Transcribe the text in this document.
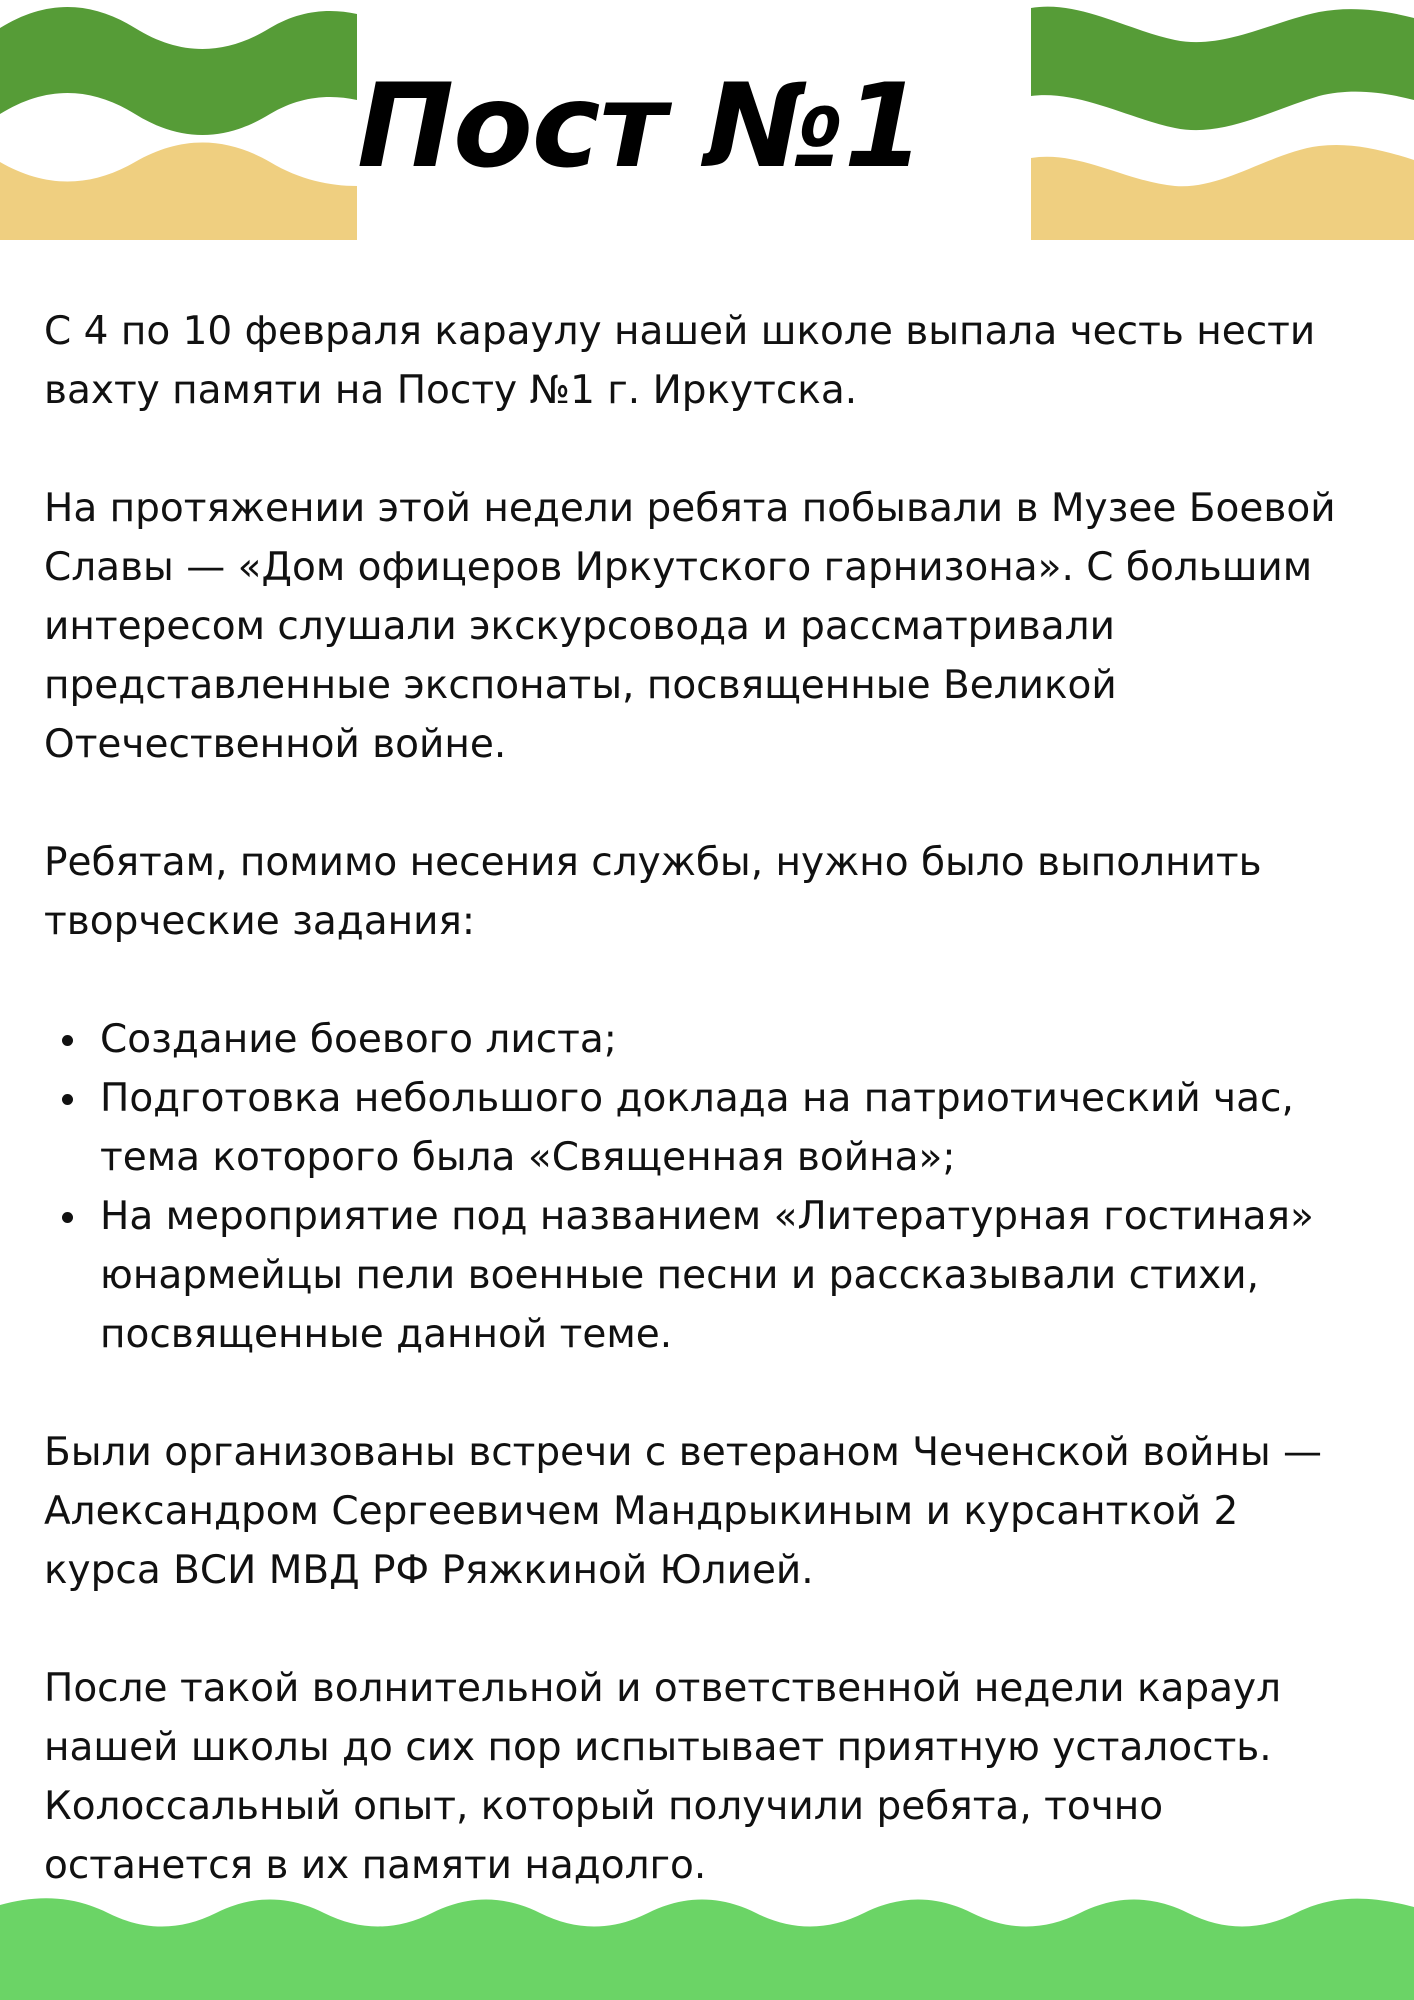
Пост №1

С 4 по 10 февраля караулу нашей школе выпала честь нести
вахту памяти на Посту №1 г. Иркутска.

На протяжении этой недели ребята побывали в Музее Боевой
Славы — «Дом офицеров Иркутского гарнизона». С большим
интересом слушали экскурсовода и рассматривали
представленные экспонаты, посвященные Великой
Отечественной войне.

Ребятам, помимо несения службы, нужно было выполнить
творческие задания:

Создание боевого листа;
Подготовка небольшого доклада на патриотический час,
тема которого была «Священная война»;
На мероприятие под названием «Литературная гостиная»
юнармейцы пели военные песни и рассказывали стихи,
посвященные данной теме.

Были организованы встречи с ветераном Чеченской войны —
Александром Сергеевичем Мандрыкиным и курсанткой 2
курса ВСИ МВД РФ Ряжкиной Юлией.

После такой волнительной и ответственной недели караул
нашей школы до сих пор испытывает приятную усталость.
Колоссальный опыт, который получили ребята, точно
останется в их памяти надолго.
